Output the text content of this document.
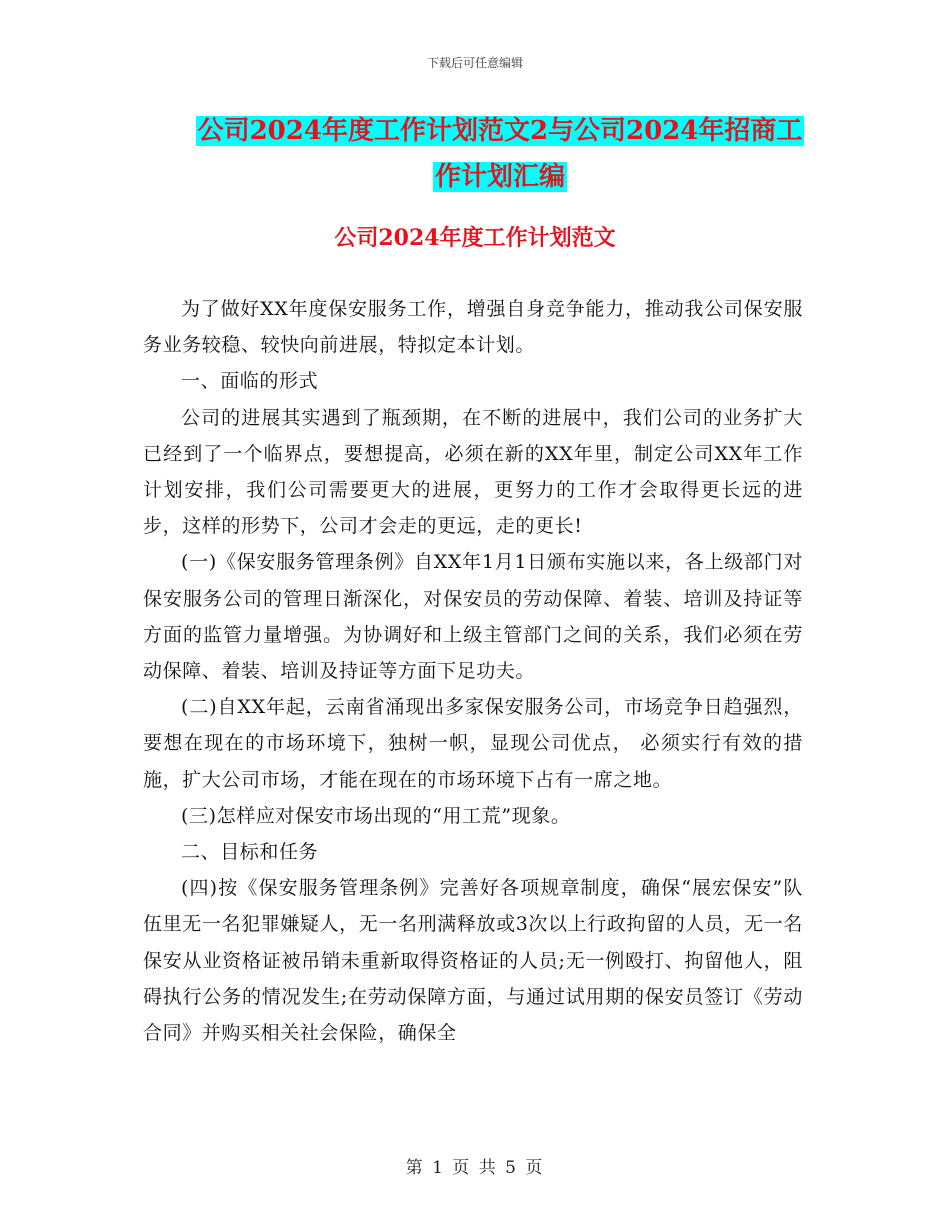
下载后可任意编辑
公司2024年度工作计划范文2与公司2024年招商工
作计划汇编
公司2024年度工作计划范文

为了做好XX年度保安服务工作，增强自身竞争能力，推动我公司保安服务业务较稳、较快向前进展，特拟定本计划。

一、面临的形式

公司的进展其实遇到了瓶颈期，在不断的进展中，我们公司的业务扩大已经到了一个临界点，要想提高，必须在新的XX年里，制定公司XX年工作计划安排，我们公司需要更大的进展，更努力的工作才会取得更长远的进步，这样的形势下，公司才会走的更远，走的更长!

(一)《保安服务管理条例》自XX年1月1日颁布实施以来，各上级部门对保安服务公司的管理日渐深化，对保安员的劳动保障、着装、培训及持证等方面的监管力量增强。为协调好和上级主管部门之间的关系，我们必须在劳动保障、着装、培训及持证等方面下足功夫。

(二)自XX年起，云南省涌现出多家保安服务公司，市场竞争日趋强烈，要想在现在的市场环境下，独树一帜，显现公司优点， 必须实行有效的措施，扩大公司市场，才能在现在的市场环境下占有一席之地。

(三)怎样应对保安市场出现的“用工荒”现象。

二、目标和任务

(四)按《保安服务管理条例》完善好各项规章制度，确保“展宏保安”队伍里无一名犯罪嫌疑人，无一名刑满释放或3次以上行政拘留的人员，无一名保安从业资格证被吊销未重新取得资格证的人员;无一例殴打、拘留他人，阻碍执行公务的情况发生;在劳动保障方面，与通过试用期的保安员签订《劳动合同》并购买相关社会保险，确保全

第 1 页 共 5 页
